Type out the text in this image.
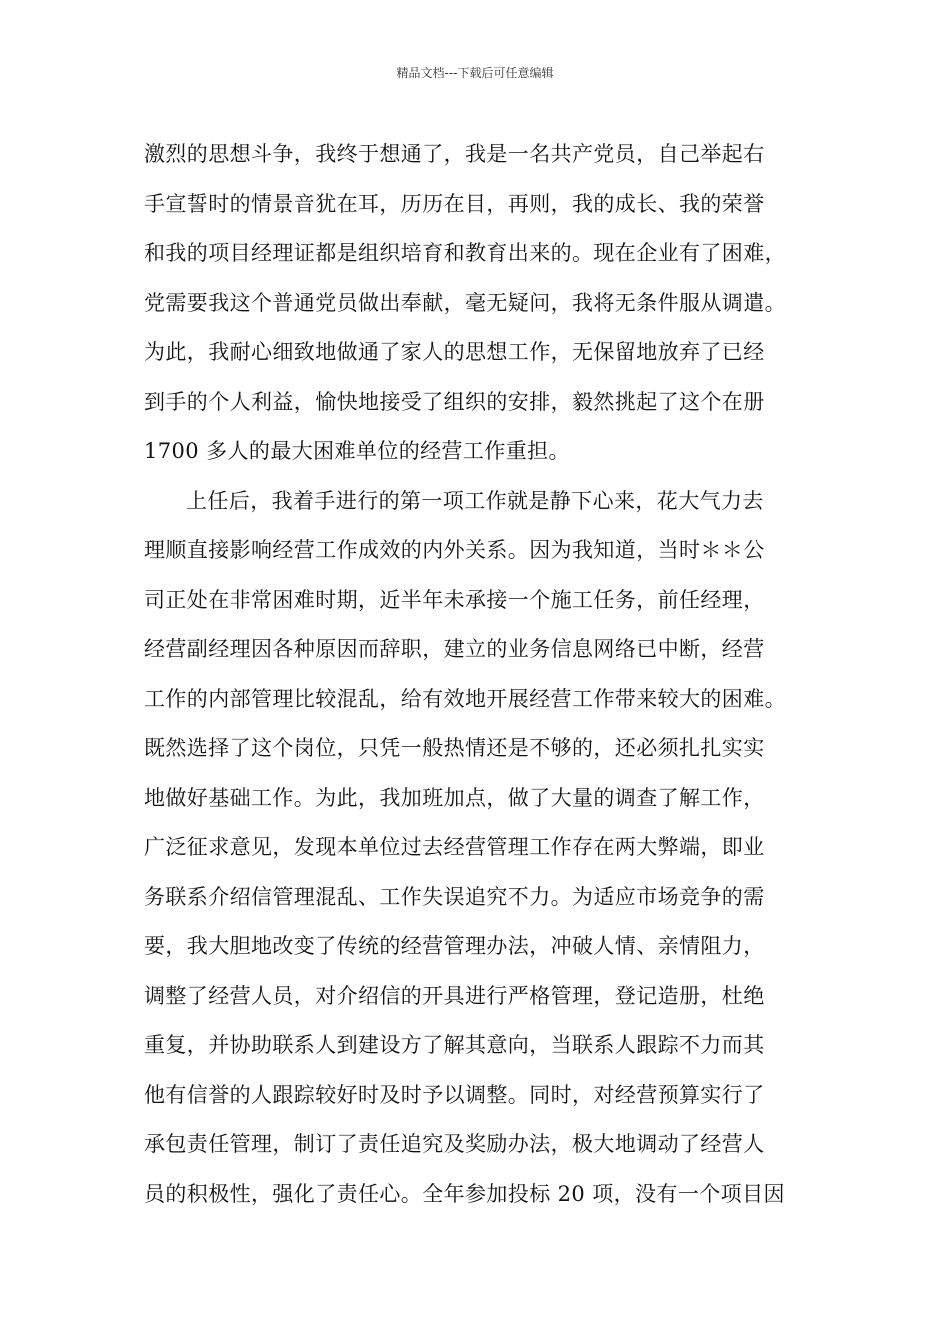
精品文档---下载后可任意编辑
激烈的思想斗争，我终于想通了，我是一名共产党员，自己举起右
手宣誓时的情景音犹在耳，历历在目，再则，我的成长、我的荣誉
和我的项目经理证都是组织培育和教育出来的。现在企业有了困难，
党需要我这个普通党员做出奉献，毫无疑问，我将无条件服从调遣。
为此，我耐心细致地做通了家人的思想工作，无保留地放弃了已经
到手的个人利益，愉快地接受了组织的安排，毅然挑起了这个在册
1700 多人的最大困难单位的经营工作重担。
上任后，我着手进行的第一项工作就是静下心来，花大气力去
理顺直接影响经营工作成效的内外关系。因为我知道，当时＊＊公
司正处在非常困难时期，近半年未承接一个施工任务，前任经理，
经营副经理因各种原因而辞职，建立的业务信息网络已中断，经营
工作的内部管理比较混乱，给有效地开展经营工作带来较大的困难。
既然选择了这个岗位，只凭一般热情还是不够的，还必须扎扎实实
地做好基础工作。为此，我加班加点，做了大量的调查了解工作，
广泛征求意见，发现本单位过去经营管理工作存在两大弊端，即业
务联系介绍信管理混乱、工作失误追究不力。为适应市场竞争的需
要，我大胆地改变了传统的经营管理办法，冲破人情、亲情阻力，
调整了经营人员，对介绍信的开具进行严格管理，登记造册，杜绝
重复，并协助联系人到建设方了解其意向，当联系人跟踪不力而其
他有信誉的人跟踪较好时及时予以调整。同时，对经营预算实行了
承包责任管理，制订了责任追究及奖励办法，极大地调动了经营人
员的积极性，强化了责任心。全年参加投标 20 项，没有一个项目因
